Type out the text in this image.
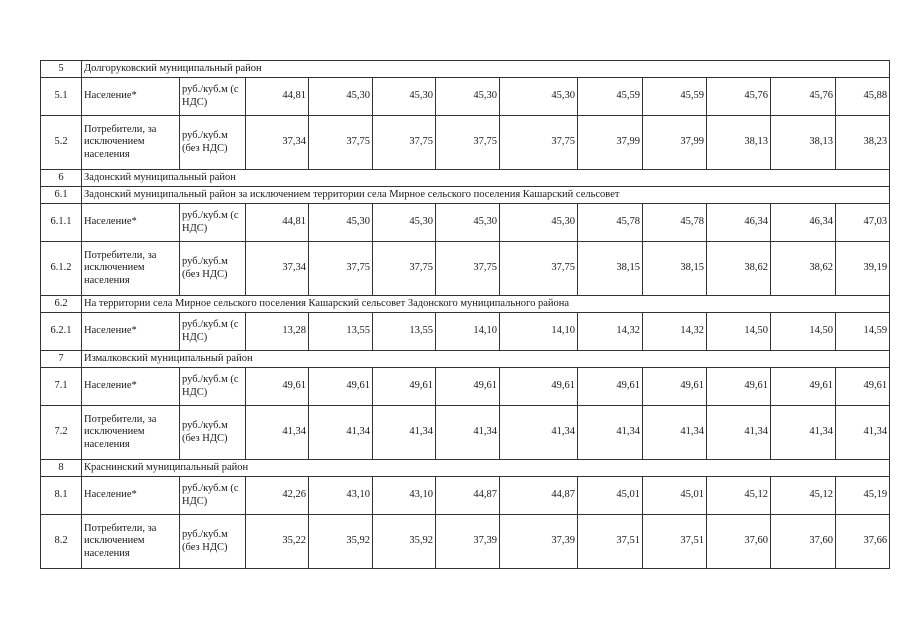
5	Долгоруковский муниципальный район											
5.1	Население*	руб./куб.м (с НДС)	44,81	45,30	45,30	45,30	45,30	45,59	45,59	45,76	45,76	45,88
5.2	Потребители, за исключением населения	руб./куб.м (без НДС)	37,34	37,75	37,75	37,75	37,75	37,99	37,99	38,13	38,13	38,23
6	Задонский муниципальный район											
6.1	Задонский муниципальный район за исключением территории села Мирное сельского поселения Кашарский сельсовет											
6.1.1	Население*	руб./куб.м (с НДС)	44,81	45,30	45,30	45,30	45,30	45,78	45,78	46,34	46,34	47,03
6.1.2	Потребители, за исключением населения	руб./куб.м (без НДС)	37,34	37,75	37,75	37,75	37,75	38,15	38,15	38,62	38,62	39,19
6.2	На территории села Мирное сельского поселения Кашарский сельсовет Задонского муниципального района											
6.2.1	Население*	руб./куб.м (с НДС)	13,28	13,55	13,55	14,10	14,10	14,32	14,32	14,50	14,50	14,59
7	Измалковский муниципальный район											
7.1	Население*	руб./куб.м (с НДС)	49,61	49,61	49,61	49,61	49,61	49,61	49,61	49,61	49,61	49,61
7.2	Потребители, за исключением населения	руб./куб.м (без НДС)	41,34	41,34	41,34	41,34	41,34	41,34	41,34	41,34	41,34	41,34
8	Краснинский муниципальный район											
8.1	Население*	руб./куб.м (с НДС)	42,26	43,10	43,10	44,87	44,87	45,01	45,01	45,12	45,12	45,19
8.2	Потребители, за исключением населения	руб./куб.м (без НДС)	35,22	35,92	35,92	37,39	37,39	37,51	37,51	37,60	37,60	37,66
